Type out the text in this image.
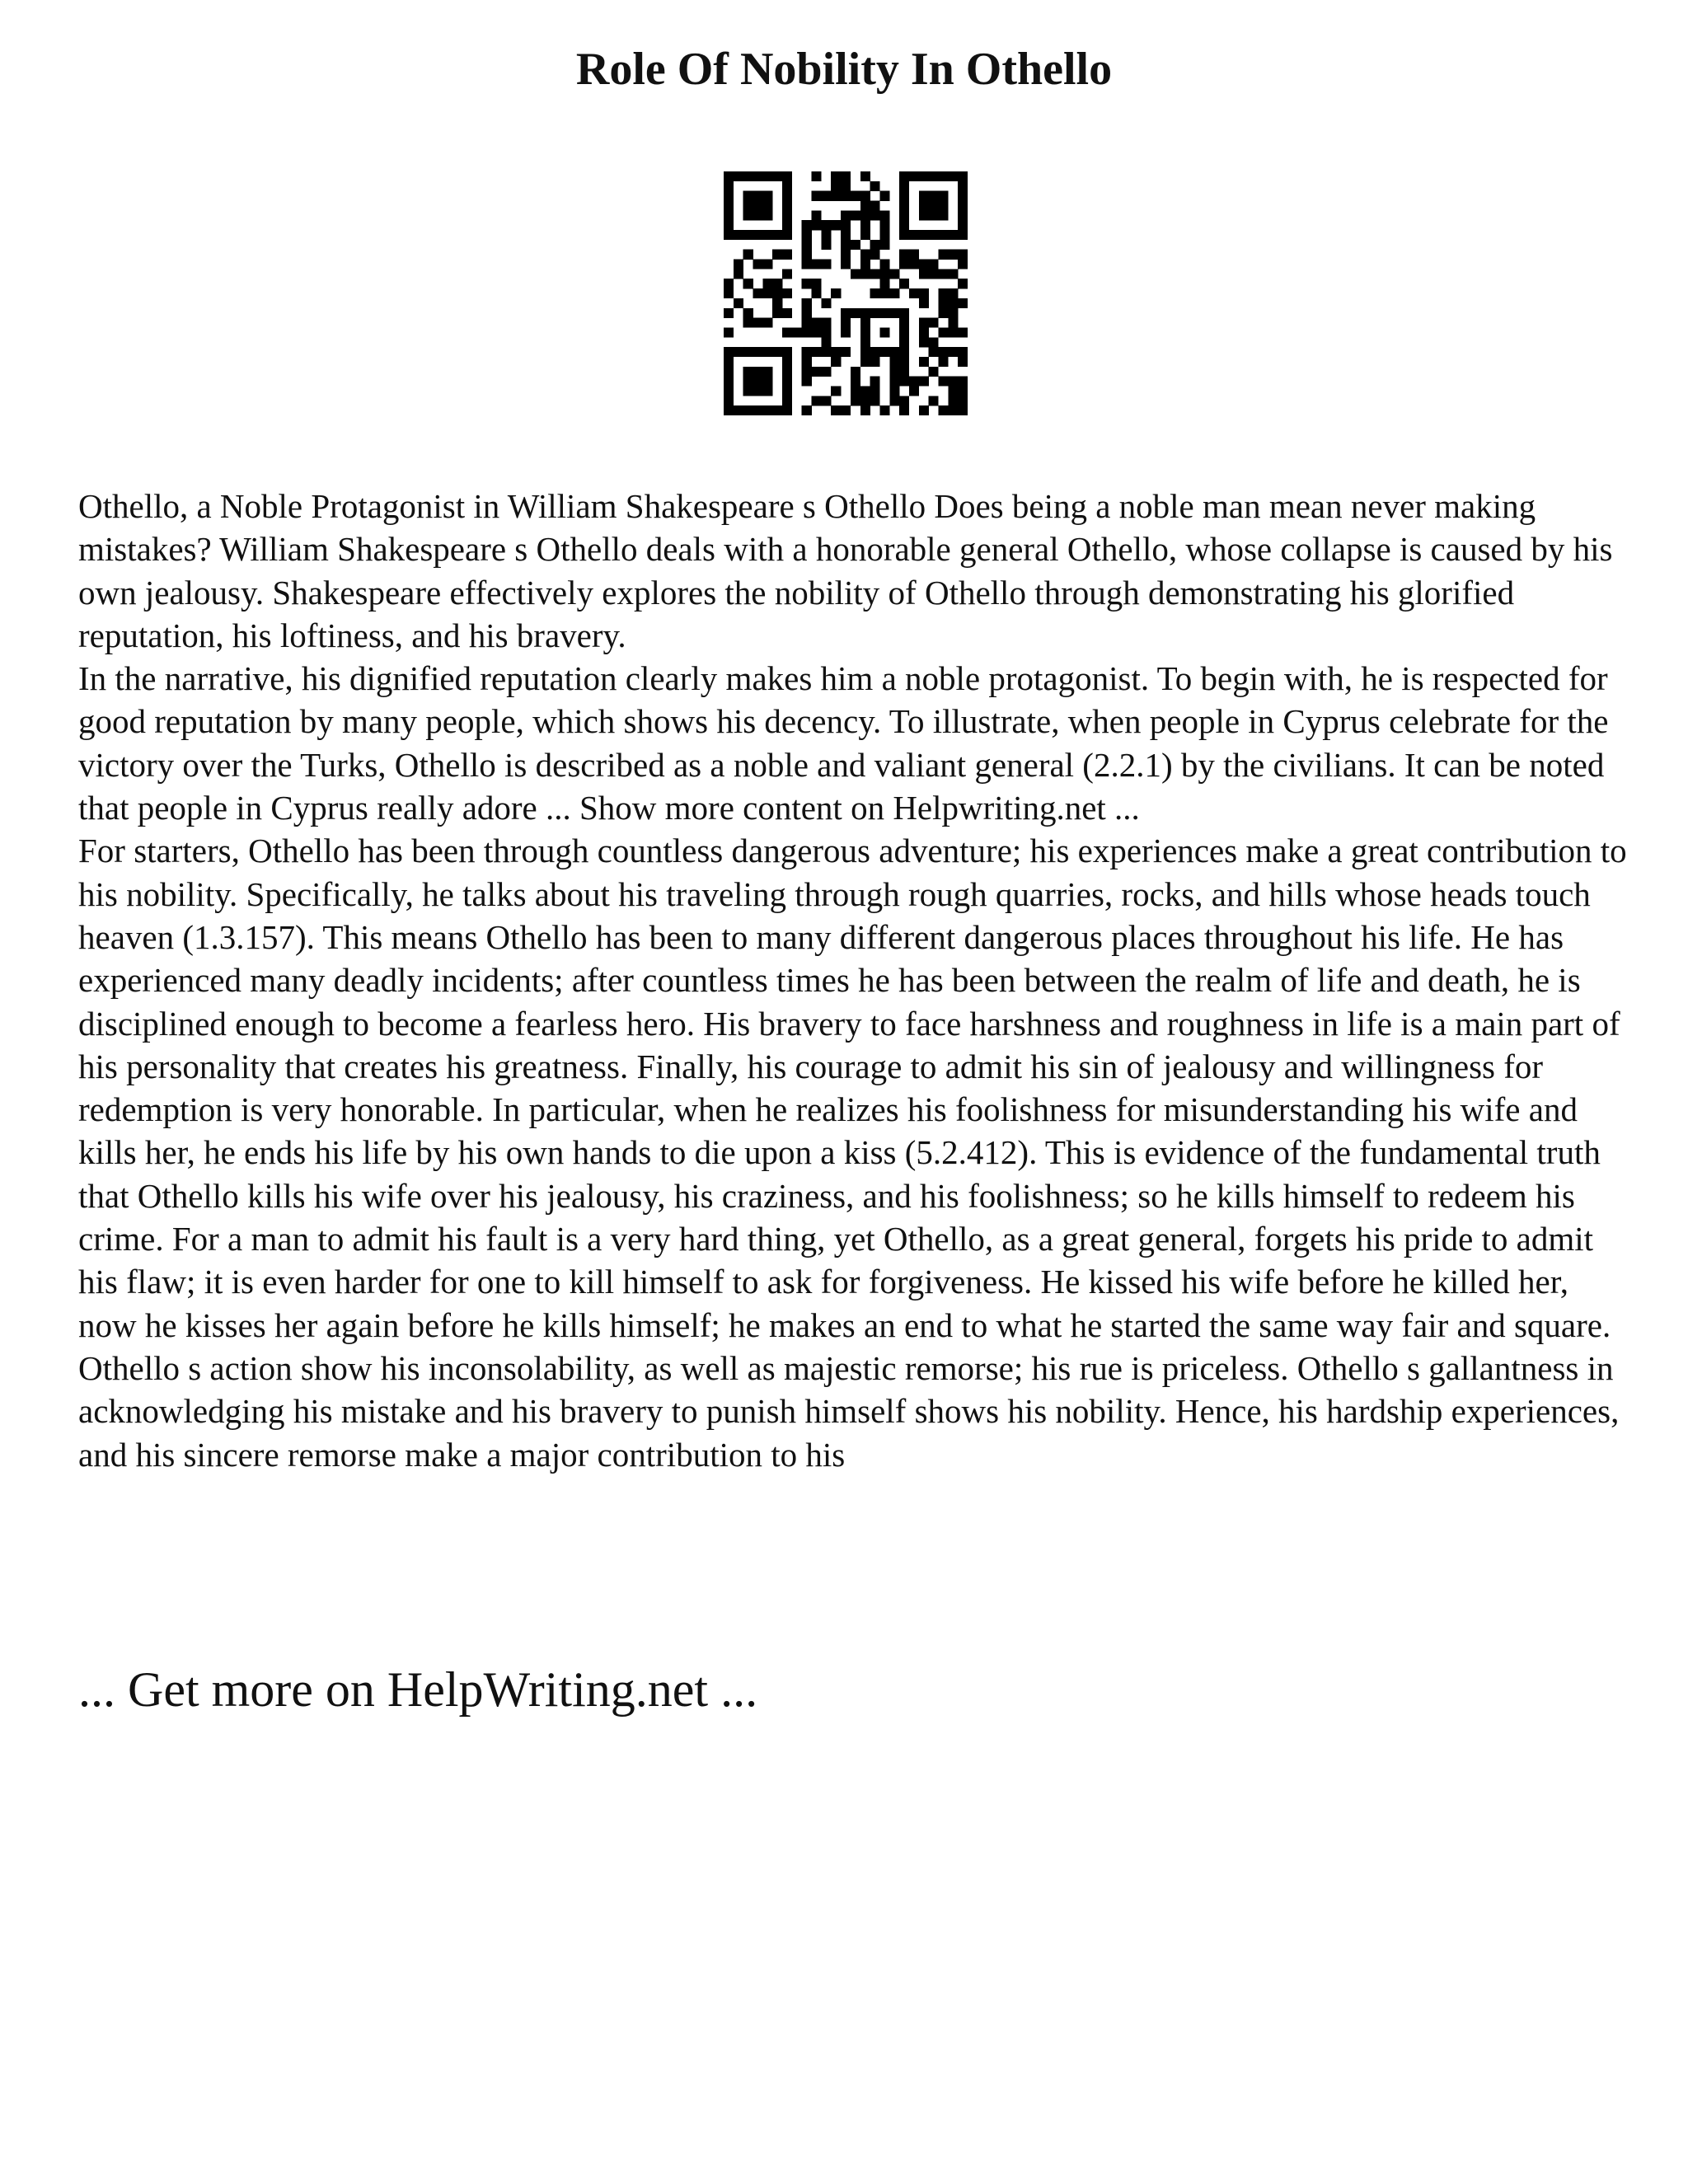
Role Of Nobility In Othello

Othello, a Noble Protagonist in William Shakespeare s Othello Does being a noble man mean never making mistakes? William Shakespeare s Othello deals with a honorable general Othello, whose collapse is caused by his own jealousy. Shakespeare effectively explores the nobility of Othello through demonstrating his glorified reputation, his loftiness, and his bravery.

In the narrative, his dignified reputation clearly makes him a noble protagonist. To begin with, he is respected for good reputation by many people, which shows his decency. To illustrate, when people in Cyprus celebrate for the victory over the Turks, Othello is described as a noble and valiant general (2.2.1) by the civilians. It can be noted that people in Cyprus really adore ... Show more content on Helpwriting.net ...

For starters, Othello has been through countless dangerous adventure; his experiences make a great contribution to his nobility. Specifically, he talks about his traveling through rough quarries, rocks, and hills whose heads touch heaven (1.3.157). This means Othello has been to many different dangerous places throughout his life. He has experienced many deadly incidents; after countless times he has been between the realm of life and death, he is disciplined enough to become a fearless hero. His bravery to face harshness and roughness in life is a main part of his personality that creates his greatness. Finally, his courage to admit his sin of jealousy and willingness for redemption is very honorable. In particular, when he realizes his foolishness for misunderstanding his wife and kills her, he ends his life by his own hands to die upon a kiss (5.2.412). This is evidence of the fundamental truth that Othello kills his wife over his jealousy, his craziness, and his foolishness; so he kills himself to redeem his crime. For a man to admit his fault is a very hard thing, yet Othello, as a great general, forgets his pride to admit his flaw; it is even harder for one to kill himself to ask for forgiveness. He kissed his wife before he killed her, now he kisses her again before he kills himself; he makes an end to what he started the same way fair and square. Othello s action show his inconsolability, as well as majestic remorse; his rue is priceless. Othello s gallantness in acknowledging his mistake and his bravery to punish himself shows his nobility. Hence, his hardship experiences, and his sincere remorse make a major contribution to his

... Get more on HelpWriting.net ...
